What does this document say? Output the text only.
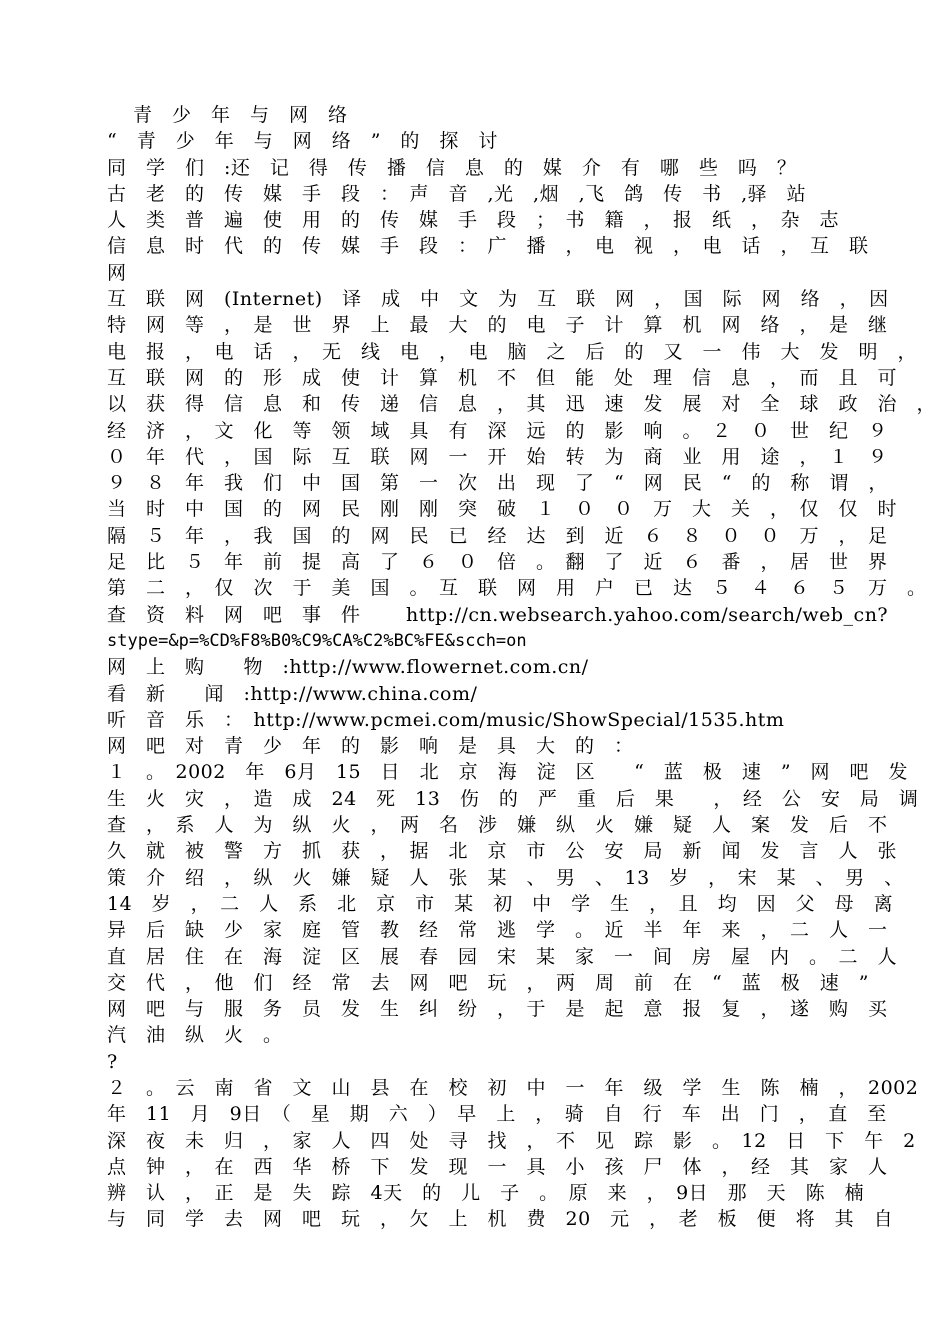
　 青　少　年　与　网　络
“　青　少　年　与　网　络　”　的　探　讨
同　学　们　:还　记　得　传　播　信　息　的　媒　介　有　哪　些　吗　？
古　老　的　传　媒　手　段　：　声　音　,光　,烟　,飞　鸽　传　书　,驿　站
人　类　普　遍　使　用　的　传　媒　手　段　；　书　籍　，　报　纸　，　杂　志
信　息　时　代　的　传　媒　手　段　：　广　播　，　电　视　，　电　话　，　互　联
网
互　联　网　(Internet)　译　成　中　文　为　互　联　网　，　国　际　网　络　，　因
特　网　等　，　是　世　界　上　最　大　的　电　子　计　算　机　网　络　，　是　继
电　报　，　电　话　，　无　线　电　，　电　脑　之　后　的　又　一　伟　大　发　明　，
互　联　网　的　形　成　使　计　算　机　不　但　能　处　理　信　息　，　而　且　可
以　获　得　信　息　和　传　递　信　息　，　其　迅　速　发　展　对　全　球　政　治　，
经　济　，　文　化　等　领　域　具　有　深　远　的　影　响　。　２　０　世　纪　９
０　年　代　，　国　际　互　联　网　一　开　始　转　为　商　业　用　途　，　１　９
９　８　年　我　们　中　国　第　一　次　出　现　了　“　网　民　“　的　称　谓　，
当　时　中　国　的　网　民　刚　刚　突　破　１　０　０　万　大　关　，　仅　仅　时
隔　５　年　，　我　国　的　网　民　已　经　达　到　近　６　８　０　０　万　，　足
足　比　５　年　前　提　高　了　６　０　倍　。　翻　了　近　６　番　，　居　世　界
第　二　，　仅　次　于　美　国　。　互　联　网　用　户　已　达　５　４　６　５　万　。
查　资　料　网　吧　事　件　　 http://cn.websearch.yahoo.com/search/web_cn?
stype=&p=%CD%F8%B0%C9%CA%C2%BC%FE&scch=on
网　上　购　　物　:http://www.flowernet.com.cn/
看　新　　闻　:http://www.china.com/
听　音　乐　：　http://www.pcmei.com/music/ShowSpecial/1535.htm
网　吧　对　青　少　年　的　影　响　是　具　大　的　：
１　。　2002　年　6月　15　日　北　京　海　淀　区　　“　蓝　极　速　”　网　吧　发
生　火　灾　，　造　成　24　死　13　伤　的　严　重　后　果　　，　经　公　安　局　调
查　，　系　人　为　纵　火　，　两　名　涉　嫌　纵　火　嫌　疑　人　案　发　后　不
久　就　被　警　方　抓　获　，　据　北　京　市　公　安　局　新　闻　发　言　人　张
策　介　绍　，　纵　火　嫌　疑　人　张　某　、　男　、　13　岁　，　宋　某　、　男　、
14　岁　，　二　人　系　北　京　市　某　初　中　学　生　，　且　均　因　父　母　离
异　后　缺　少　家　庭　管　教　经　常　逃　学　。　近　半　年　来　，　二　人　一
直　居　住　在　海　淀　区　展　春　园　宋　某　家　一　间　房　屋　内　。　二　人
交　代　，　他　们　经　常　去　网　吧　玩　，　两　周　前　在　“　蓝　极　速　”
网　吧　与　服　务　员　发　生　纠　纷　，　于　是　起　意　报　复　，　遂　购　买
汽　油　纵　火　。
?
２　。　云　南　省　文　山　县　在　校　初　中　一　年　级　学　生　陈　楠　，　2002
年　11　月　9日　（　星　期　六　）　早　上　，　骑　自　行　车　出　门　，　直　至
深　夜　未　归　，　家　人　四　处　寻　找　，　不　见　踪　影　。　12　日　下　午　2
点　钟　，　在　西　华　桥　下　发　现　一　具　小　孩　尸　体　，　经　其　家　人
辨　认　，　正　是　失　踪　4天　的　儿　子　。　原　来　，　9日　那　天　陈　楠
与　同　学　去　网　吧　玩　，　欠　上　机　费　20　元　，　老　板　便　将　其　自
